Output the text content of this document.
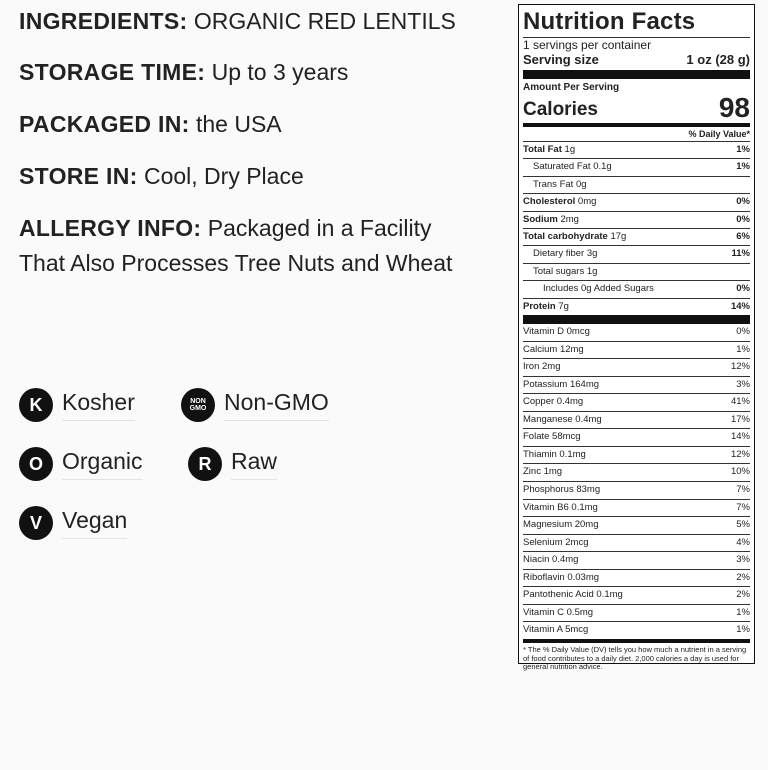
INGREDIENTS: ORGANIC RED LENTILS

STORAGE TIME: Up to 3 years

PACKAGED IN: the USA

STORE IN: Cool, Dry Place

ALLERGY INFO: Packaged in a Facility That Also Processes Tree Nuts and Wheat

K Kosher	NON
GMO Non-GMO
O Organic	R Raw
V Vegan
Nutrition Facts
1 servings per container
Serving size	1 oz (28 g)
Amount Per Serving
Calories	98
% Daily Value*
Total Fat 1g	1%
Saturated Fat 0.1g	1%
Trans Fat 0g
Cholesterol 0mg	0%
Sodium 2mg	0%
Total carbohydrate 17g	6%
Dietary fiber 3g	11%
Total sugars 1g
Includes 0g Added Sugars	0%
Protein 7g	14%
Vitamin D 0mcg	0%
Calcium 12mg	1%
Iron 2mg	12%
Potassium 164mg	3%
Copper 0.4mg	41%
Manganese 0.4mg	17%
Folate 58mcg	14%
Thiamin 0.1mg	12%
Zinc 1mg	10%
Phosphorus 83mg	7%
Vitamin B6 0.1mg	7%
Magnesium 20mg	5%
Selenium 2mcg	4%
Niacin 0.4mg	3%
Riboflavin 0.03mg	2%
Pantothenic Acid 0.1mg	2%
Vitamin C 0.5mg	1%
Vitamin A 5mcg	1%
* The % Daily Value (DV) tells you how much a nutrient in a serving of food contributes to a daily diet. 2,000 calories a day is used for general nutrition advice.
